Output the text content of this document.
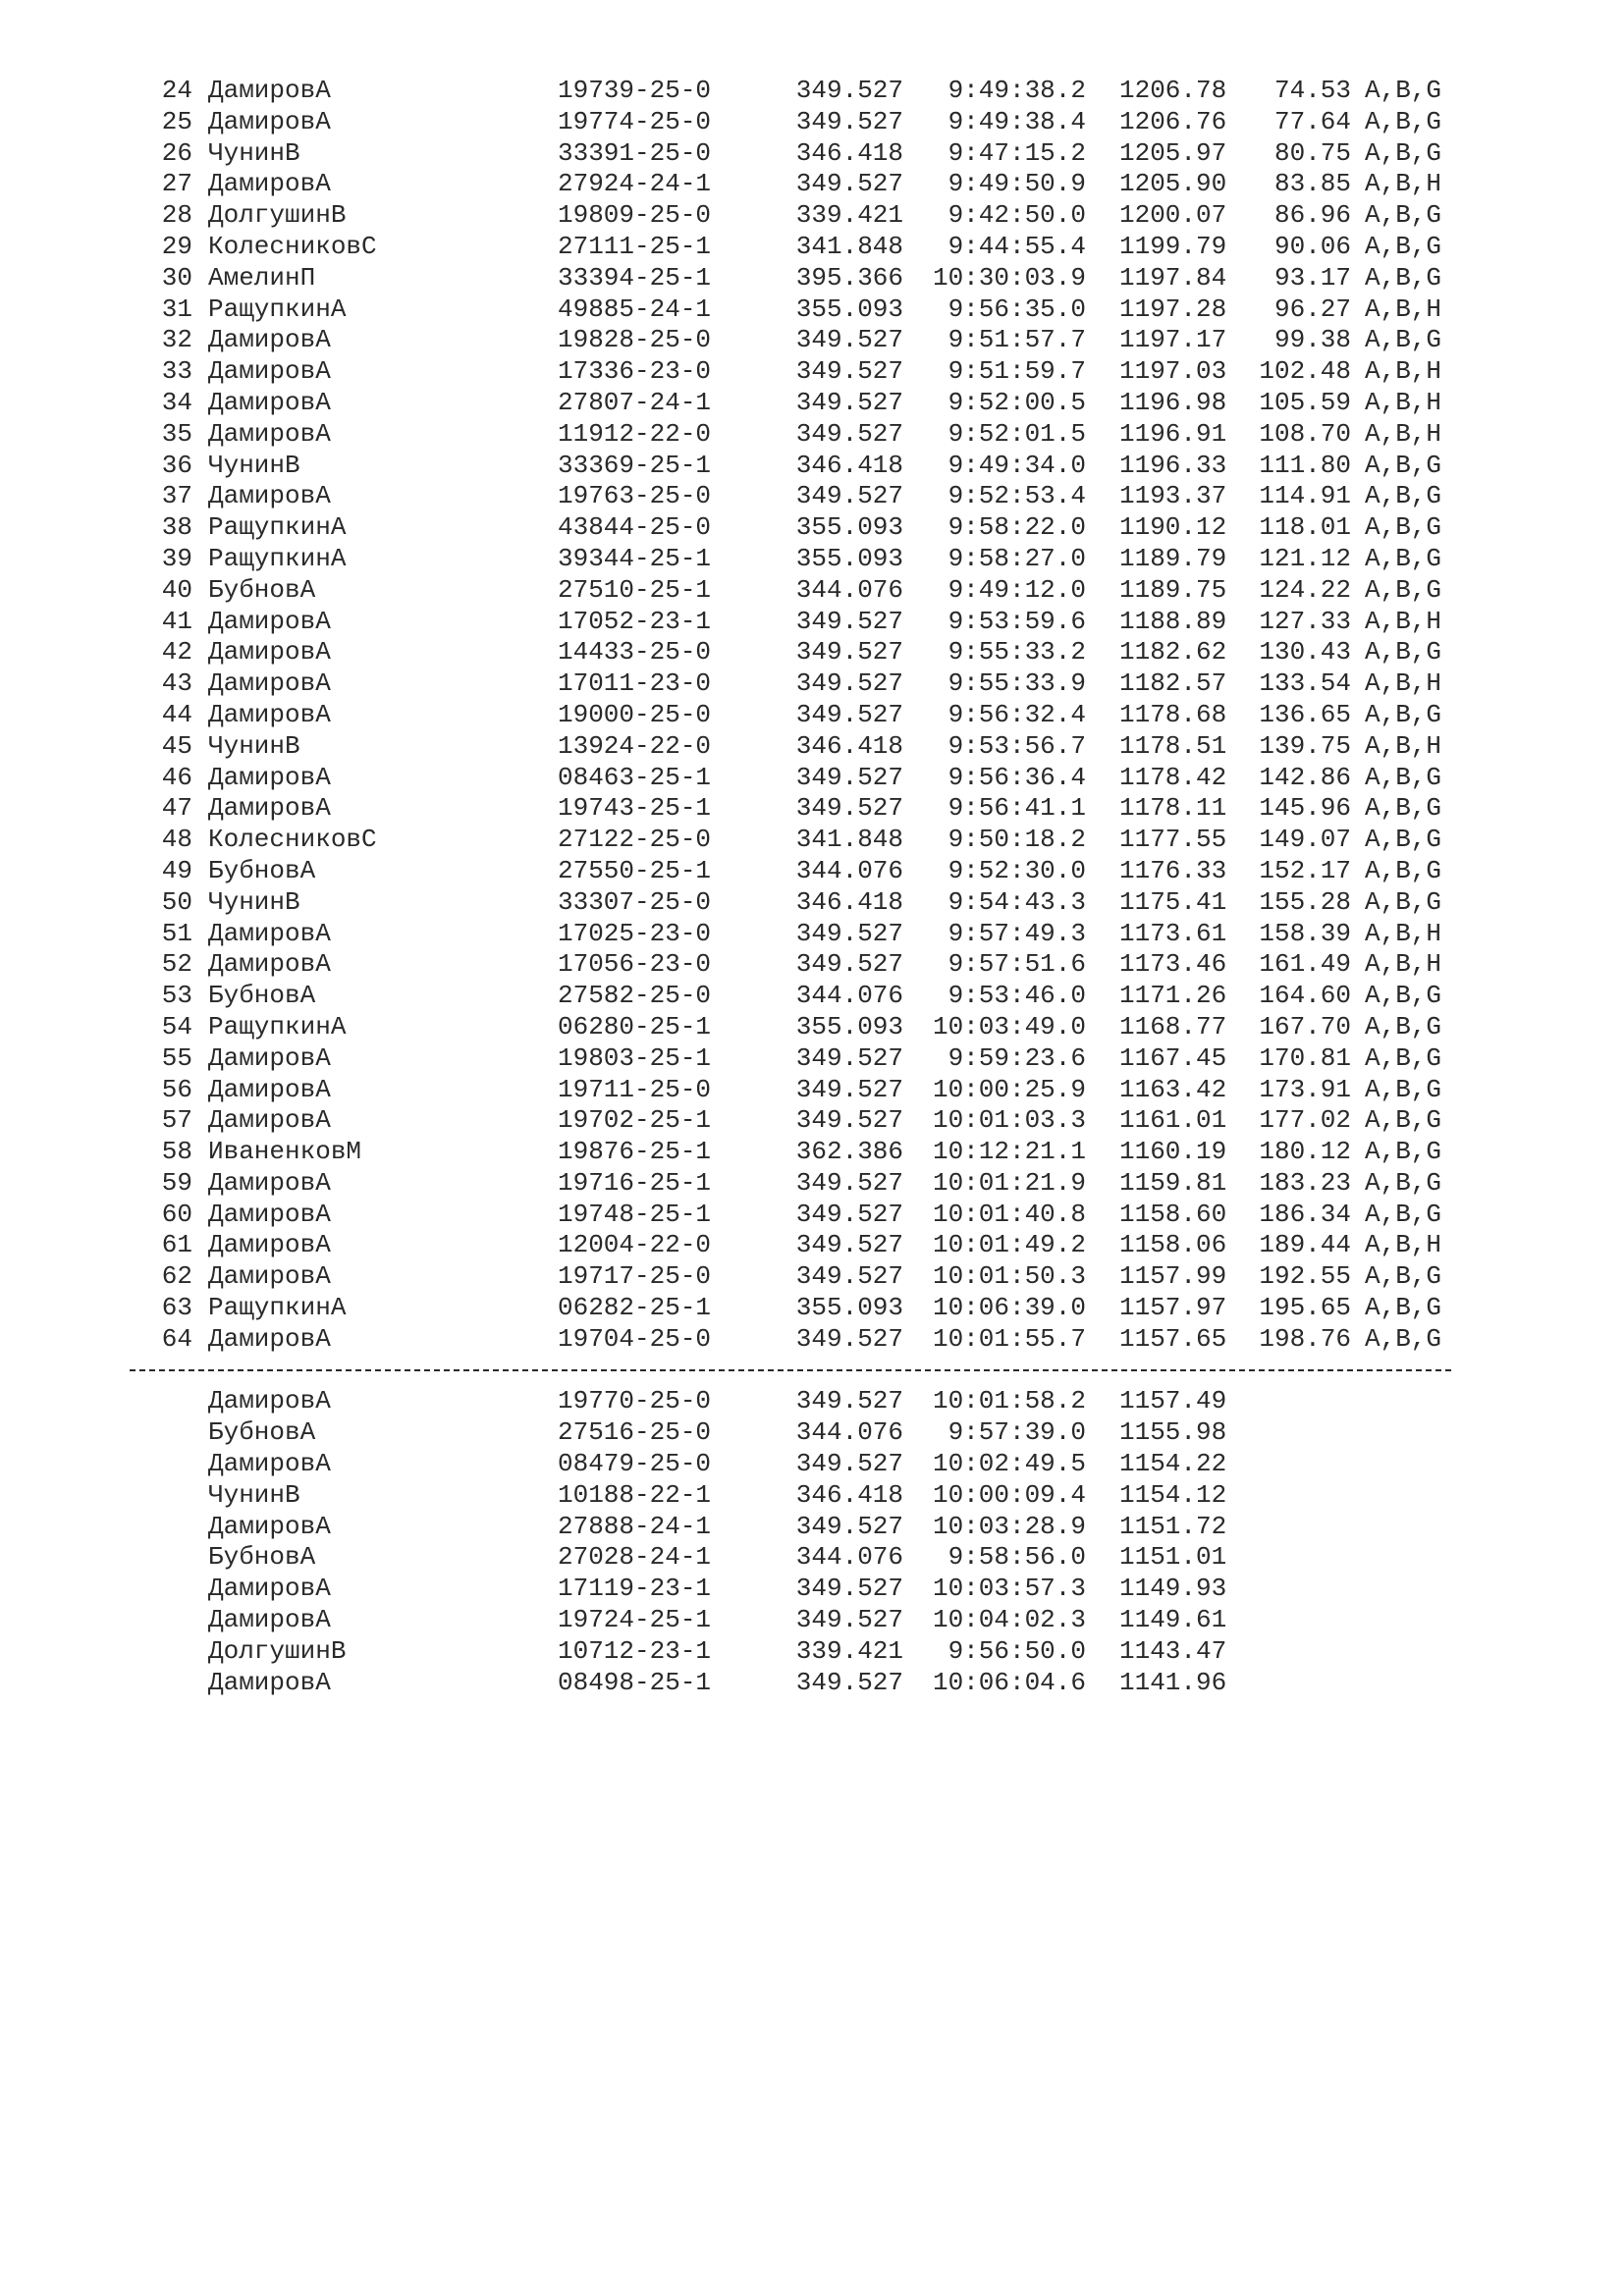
24 ДамировА	19739-25-0	349.527	9:49:38.2 1206.78	74.53 A,B,G
25 ДамировА	19774-25-0	349.527	9:49:38.4 1206.76	77.64 A,B,G
26 ЧунинВ	33391-25-0	346.418	9:47:15.2 1205.97	80.75 A,B,G
27 ДамировА	27924-24-1	349.527	9:49:50.9 1205.90	83.85 A,B,H
28 ДолгушинВ	19809-25-0	339.421	9:42:50.0 1200.07	86.96 A,B,G
29 КолесниковС	27111-25-1	341.848	9:44:55.4 1199.79	90.06 A,B,G
30 АмелинП	33394-25-1	395.366	10:30:03.9 1197.84	93.17 A,B,G
31 РащупкинА	49885-24-1	355.093	9:56:35.0 1197.28	96.27 A,B,H
32 ДамировА	19828-25-0	349.527	9:51:57.7 1197.17	99.38 A,B,G
33 ДамировА	17336-23-0	349.527	9:51:59.7 1197.03	102.48 A,B,H
34 ДамировА	27807-24-1	349.527	9:52:00.5 1196.98	105.59 A,B,H
35 ДамировА	11912-22-0	349.527	9:52:01.5 1196.91	108.70 A,B,H
36 ЧунинВ	33369-25-1	346.418	9:49:34.0 1196.33	111.80 A,B,G
37 ДамировА	19763-25-0	349.527	9:52:53.4 1193.37	114.91 A,B,G
38 РащупкинА	43844-25-0	355.093	9:58:22.0 1190.12	118.01 A,B,G
39 РащупкинА	39344-25-1	355.093	9:58:27.0 1189.79	121.12 A,B,G
40 БубновА	27510-25-1	344.076	9:49:12.0 1189.75	124.22 A,B,G
41 ДамировА	17052-23-1	349.527	9:53:59.6 1188.89	127.33 A,B,H
42 ДамировА	14433-25-0	349.527	9:55:33.2 1182.62	130.43 A,B,G
43 ДамировА	17011-23-0	349.527	9:55:33.9 1182.57	133.54 A,B,H
44 ДамировА	19000-25-0	349.527	9:56:32.4 1178.68	136.65 A,B,G
45 ЧунинВ	13924-22-0	346.418	9:53:56.7 1178.51	139.75 A,B,H
46 ДамировА	08463-25-1	349.527	9:56:36.4 1178.42	142.86 A,B,G
47 ДамировА	19743-25-1	349.527	9:56:41.1 1178.11	145.96 A,B,G
48 КолесниковС	27122-25-0	341.848	9:50:18.2 1177.55	149.07 A,B,G
49 БубновА	27550-25-1	344.076	9:52:30.0 1176.33	152.17 A,B,G
50 ЧунинВ	33307-25-0	346.418	9:54:43.3 1175.41	155.28 A,B,G
51 ДамировА	17025-23-0	349.527	9:57:49.3 1173.61	158.39 A,B,H
52 ДамировА	17056-23-0	349.527	9:57:51.6 1173.46	161.49 A,B,H
53 БубновА	27582-25-0	344.076	9:53:46.0 1171.26	164.60 A,B,G
54 РащупкинА	06280-25-1	355.093	10:03:49.0 1168.77	167.70 A,B,G
55 ДамировА	19803-25-1	349.527	9:59:23.6 1167.45	170.81 A,B,G
56 ДамировА	19711-25-0	349.527	10:00:25.9 1163.42	173.91 A,B,G
57 ДамировА	19702-25-1	349.527	10:01:03.3 1161.01	177.02 A,B,G
58 ИваненковМ	19876-25-1	362.386	10:12:21.1 1160.19	180.12 A,B,G
59 ДамировА	19716-25-1	349.527	10:01:21.9 1159.81	183.23 A,B,G
60 ДамировА	19748-25-1	349.527	10:01:40.8 1158.60	186.34 A,B,G
61 ДамировА	12004-22-0	349.527	10:01:49.2 1158.06	189.44 A,B,H
62 ДамировА	19717-25-0	349.527	10:01:50.3 1157.99	192.55 A,B,G
63 РащупкинА	06282-25-1	355.093	10:06:39.0 1157.97	195.65 A,B,G
64 ДамировА	19704-25-0	349.527	10:01:55.7 1157.65	198.76 A,B,G
ДамировА	19770-25-0	349.527	10:01:58.2 1157.49
БубновА	27516-25-0	344.076	9:57:39.0 1155.98
ДамировА	08479-25-0	349.527	10:02:49.5 1154.22
ЧунинВ	10188-22-1	346.418	10:00:09.4 1154.12
ДамировА	27888-24-1	349.527	10:03:28.9 1151.72
БубновА	27028-24-1	344.076	9:58:56.0 1151.01
ДамировА	17119-23-1	349.527	10:03:57.3 1149.93
ДамировА	19724-25-1	349.527	10:04:02.3 1149.61
ДолгушинВ	10712-23-1	339.421	9:56:50.0 1143.47
ДамировА	08498-25-1	349.527	10:06:04.6 1141.96
